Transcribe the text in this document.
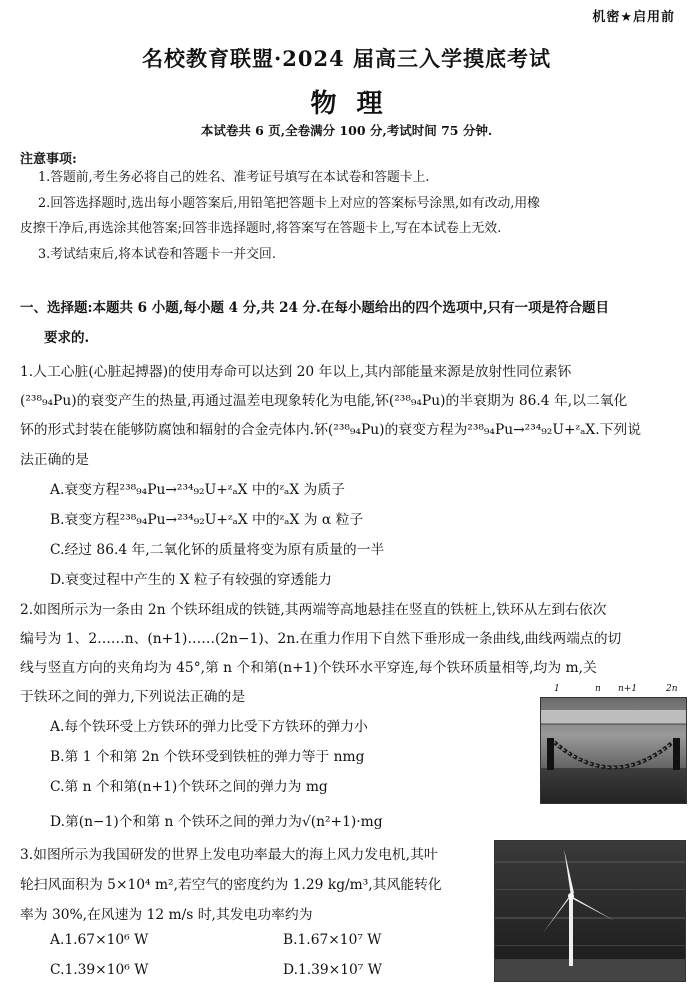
机密★启用前
名校教育联盟·2024 届高三入学摸底考试
物 理
本试卷共 6 页,全卷满分 100 分,考试时间 75 分钟.
注意事项:
1.答题前,考生务必将自己的姓名、准考证号填写在本试卷和答题卡上.
2.回答选择题时,选出每小题答案后,用铅笔把答题卡上对应的答案标号涂黑,如有改动,用橡
皮擦干净后,再选涂其他答案;回答非选择题时,将答案写在答题卡上,写在本试卷上无效.
3.考试结束后,将本试卷和答题卡一并交回.
一、选择题:本题共 6 小题,每小题 4 分,共 24 分.在每小题给出的四个选项中,只有一项是符合题目
要求的.
1.人工心脏(心脏起搏器)的使用寿命可以达到 20 年以上,其内部能量来源是放射性同位素钚
(²³⁸₉₄Pu)的衰变产生的热量,再通过温差电现象转化为电能,钚(²³⁸₉₄Pu)的半衰期为 86.4 年,以二氧化
钚的形式封装在能够防腐蚀和辐射的合金壳体内.钚(²³⁸₉₄Pu)的衰变方程为²³⁸₉₄Pu→²³⁴₉₂U+ᶻₐX.下列说
法正确的是
A.衰变方程²³⁸₉₄Pu→²³⁴₉₂U+ᶻₐX 中的ᶻₐX 为质子
B.衰变方程²³⁸₉₄Pu→²³⁴₉₂U+ᶻₐX 中的ᶻₐX 为 α 粒子
C.经过 86.4 年,二氧化钚的质量将变为原有质量的一半
D.衰变过程中产生的 X 粒子有较强的穿透能力
2.如图所示为一条由 2n 个铁环组成的铁链,其两端等高地悬挂在竖直的铁桩上,铁环从左到右依次
编号为 1、2……n、(n+1)……(2n−1)、2n.在重力作用下自然下垂形成一条曲线,曲线两端点的切
线与竖直方向的夹角均为 45°,第 n 个和第(n+1)个铁环水平穿连,每个铁环质量相等,均为 m,关
于铁环之间的弹力,下列说法正确的是	1	n n+1	2n
A.每个铁环受上方铁环的弹力比受下方铁环的弹力小
B.第 1 个和第 2n 个铁环受到铁桩的弹力等于 nmg
C.第 n 个和第(n+1)个铁环之间的弹力为 mg
D.第(n−1)个和第 n 个铁环之间的弹力为√(n²+1)·mg
3.如图所示为我国研发的世界上发电功率最大的海上风力发电机,其叶
轮扫风面积为 5×10⁴ m²,若空气的密度约为 1.29 kg/m³,其风能转化
率为 30%,在风速为 12 m/s 时,其发电功率约为
A.1.67×10⁶ W	B.1.67×10⁷ W
C.1.39×10⁶ W	D.1.39×10⁷ W
